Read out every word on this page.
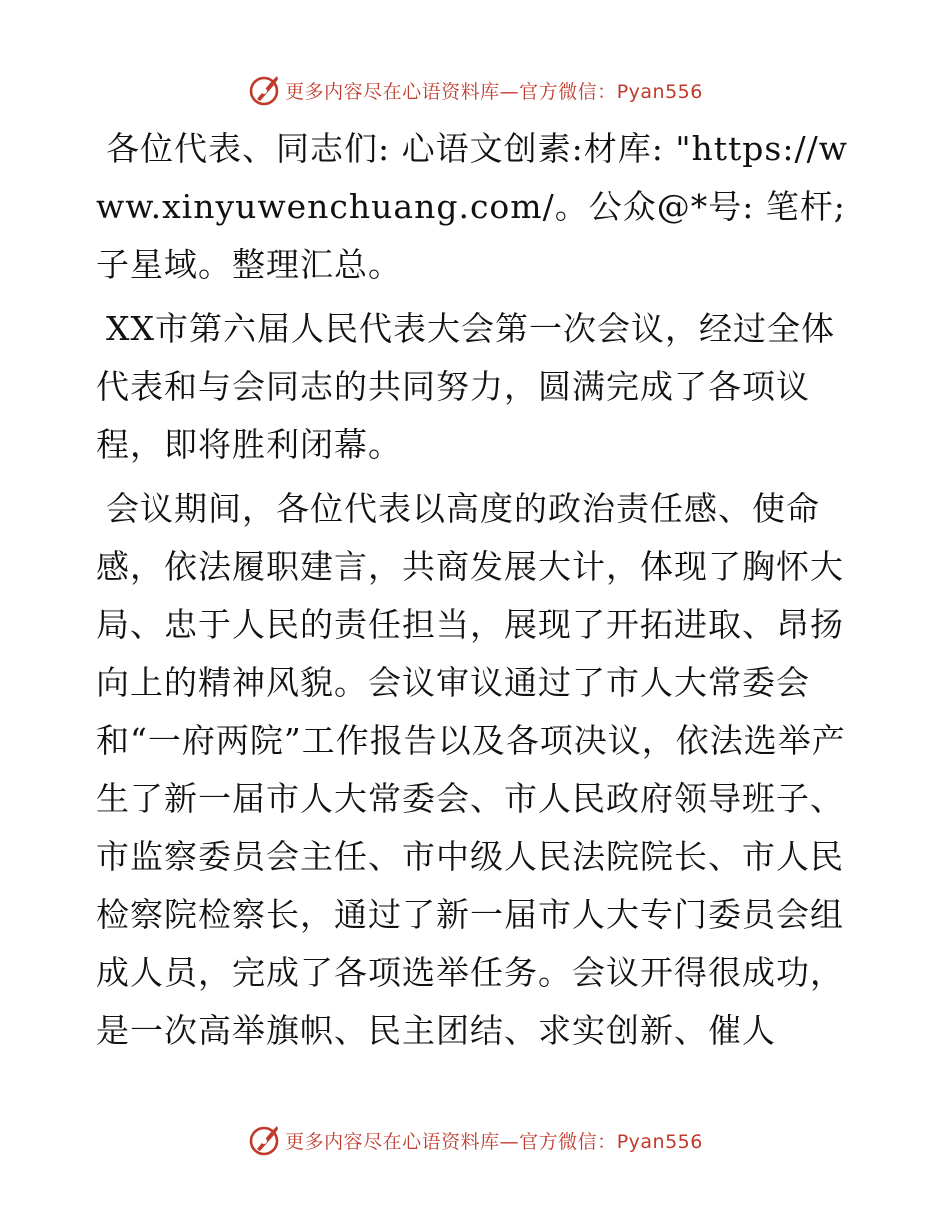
更多内容尽在心语资料库—官方微信：Pyan556

各位代表、同志们: 心语文创素:材库: "https://www.xinyuwenchuang.com/。公众@*号: 笔杆;子星域。整理汇总。

XX市第六届人民代表大会第一次会议，经过全体代表和与会同志的共同努力，圆满完成了各项议程，即将胜利闭幕。

会议期间，各位代表以高度的政治责任感、使命感，依法履职建言，共商发展大计，体现了胸怀大局、忠于人民的责任担当，展现了开拓进取、昂扬向上的精神风貌。会议审议通过了市人大常委会和“一府两院”工作报告以及各项决议，依法选举产生了新一届市人大常委会、市人民政府领导班子、市监察委员会主任、市中级人民法院院长、市人民检察院检察长，通过了新一届市人大专门委员会组成人员，完成了各项选举任务。会议开得很成功，是一次高举旗帜、民主团结、求实创新、催人

更多内容尽在心语资料库—官方微信：Pyan556
